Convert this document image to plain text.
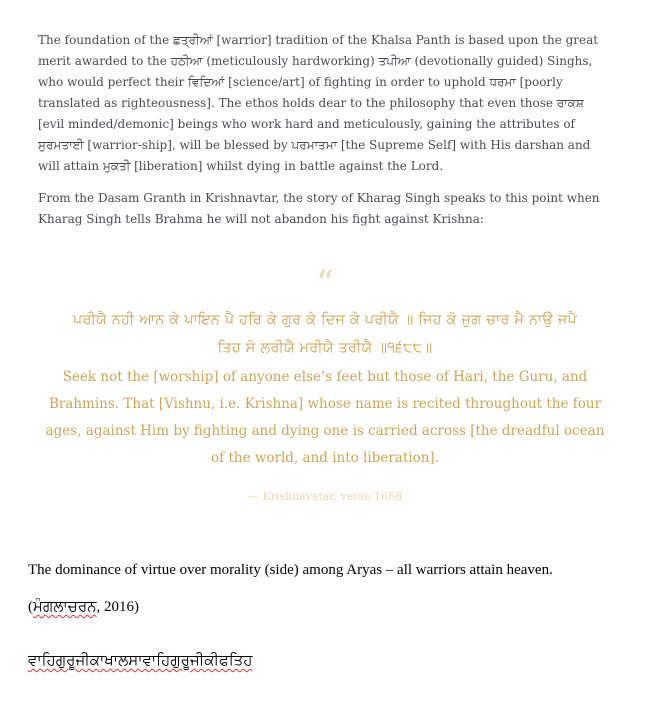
The foundation of the ਛਤ੍ਰੀਆਂ [warrior] tradition of the Khalsa Panth is based upon the great merit awarded to the ਹਠੀਆ (meticulously hardworking) ਤਪੀਆ (devotionally guided) Singhs, who would perfect their ਵਿਦਿਆਂ [science/art] of fighting in order to uphold ਧਰਮਾ [poorly translated as righteousness]. The ethos holds dear to the philosophy that even those ਰਾਕਸ਼ [evil minded/demonic] beings who work hard and meticulously, gaining the attributes of ਸੁਰਮਤਾਈ [warrior-ship], will be blessed by ਪਰਮਾਤਮਾ [the Supreme Self] with His darshan and will attain ਮੁਕਤੀ [liberation] whilst dying in battle against the Lord.

From the Dasam Granth in Krishnavtar, the story of Kharag Singh speaks to this point when Kharag Singh tells Brahma he will not abandon his fight against Krishna:

“

ਪਰੀਯੈ ਨਹੀ ਆਨ ਕੇ ਪਾਇਨ ਪੈ ਹਰਿ ਕੇ ਗੁਰ ਕੇ ਦਿਜ ਕੇ ਪਰੀਯੈ ॥ ਜਿਹ ਕੋ ਜੁਗ ਚਾਰ ਮੈ ਨਾਉ ਜਪੈ

ਤਿਹ ਸੋ ਲਰੀਯੈ ਮਰੀਯੈ ਤਰੀਯੈ ॥੧੬੮੮॥

Seek not the [worship] of anyone else’s feet but those of Hari, the Guru, and Brahmins. That [Vishnu, i.e. Krishna] whose name is recited throughout the four ages, against Him by fighting and dying one is carried across [the dreadful ocean of the world, and into liberation].

— Krishnavatar, verse 1688

The dominance of virtue over morality (side) among Aryas – all warriors attain heaven.

(ਮੰਗਲਾਚਰਨ, 2016)

ਵਾਹਿਗੁਰੂਜੀਕਾਖਾਲਸਾਵਾਹਿਗੁਰੂਜੀਕੀਫਤਿਹ
